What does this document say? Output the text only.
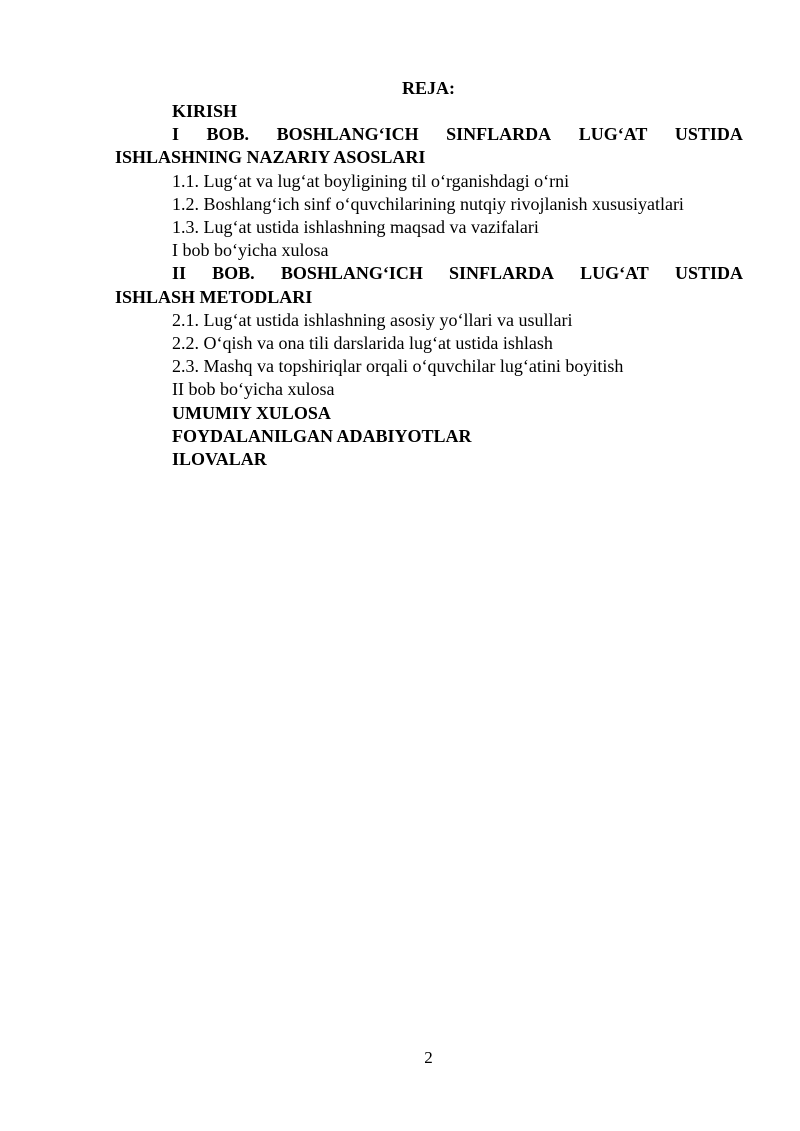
REJA:
KIRISH
I BOB. BOSHLANG‘ICH SINFLARDA LUG‘AT USTIDA
ISHLASHNING NAZARIY ASOSLARI
1.1. Lug‘at va lug‘at boyligining til o‘rganishdagi o‘rni
1.2. Boshlang‘ich sinf o‘quvchilarining nutqiy rivojlanish xususiyatlari
1.3. Lug‘at ustida ishlashning maqsad va vazifalari
I bob bo‘yicha xulosa
II BOB. BOSHLANG‘ICH SINFLARDA LUG‘AT USTIDA
ISHLASH METODLARI
2.1. Lug‘at ustida ishlashning asosiy yo‘llari va usullari
2.2. O‘qish va ona tili darslarida lug‘at ustida ishlash
2.3. Mashq va topshiriqlar orqali o‘quvchilar lug‘atini boyitish
II bob bo‘yicha xulosa
UMUMIY XULOSA
FOYDALANILGAN ADABIYOTLAR
ILOVALAR
2
